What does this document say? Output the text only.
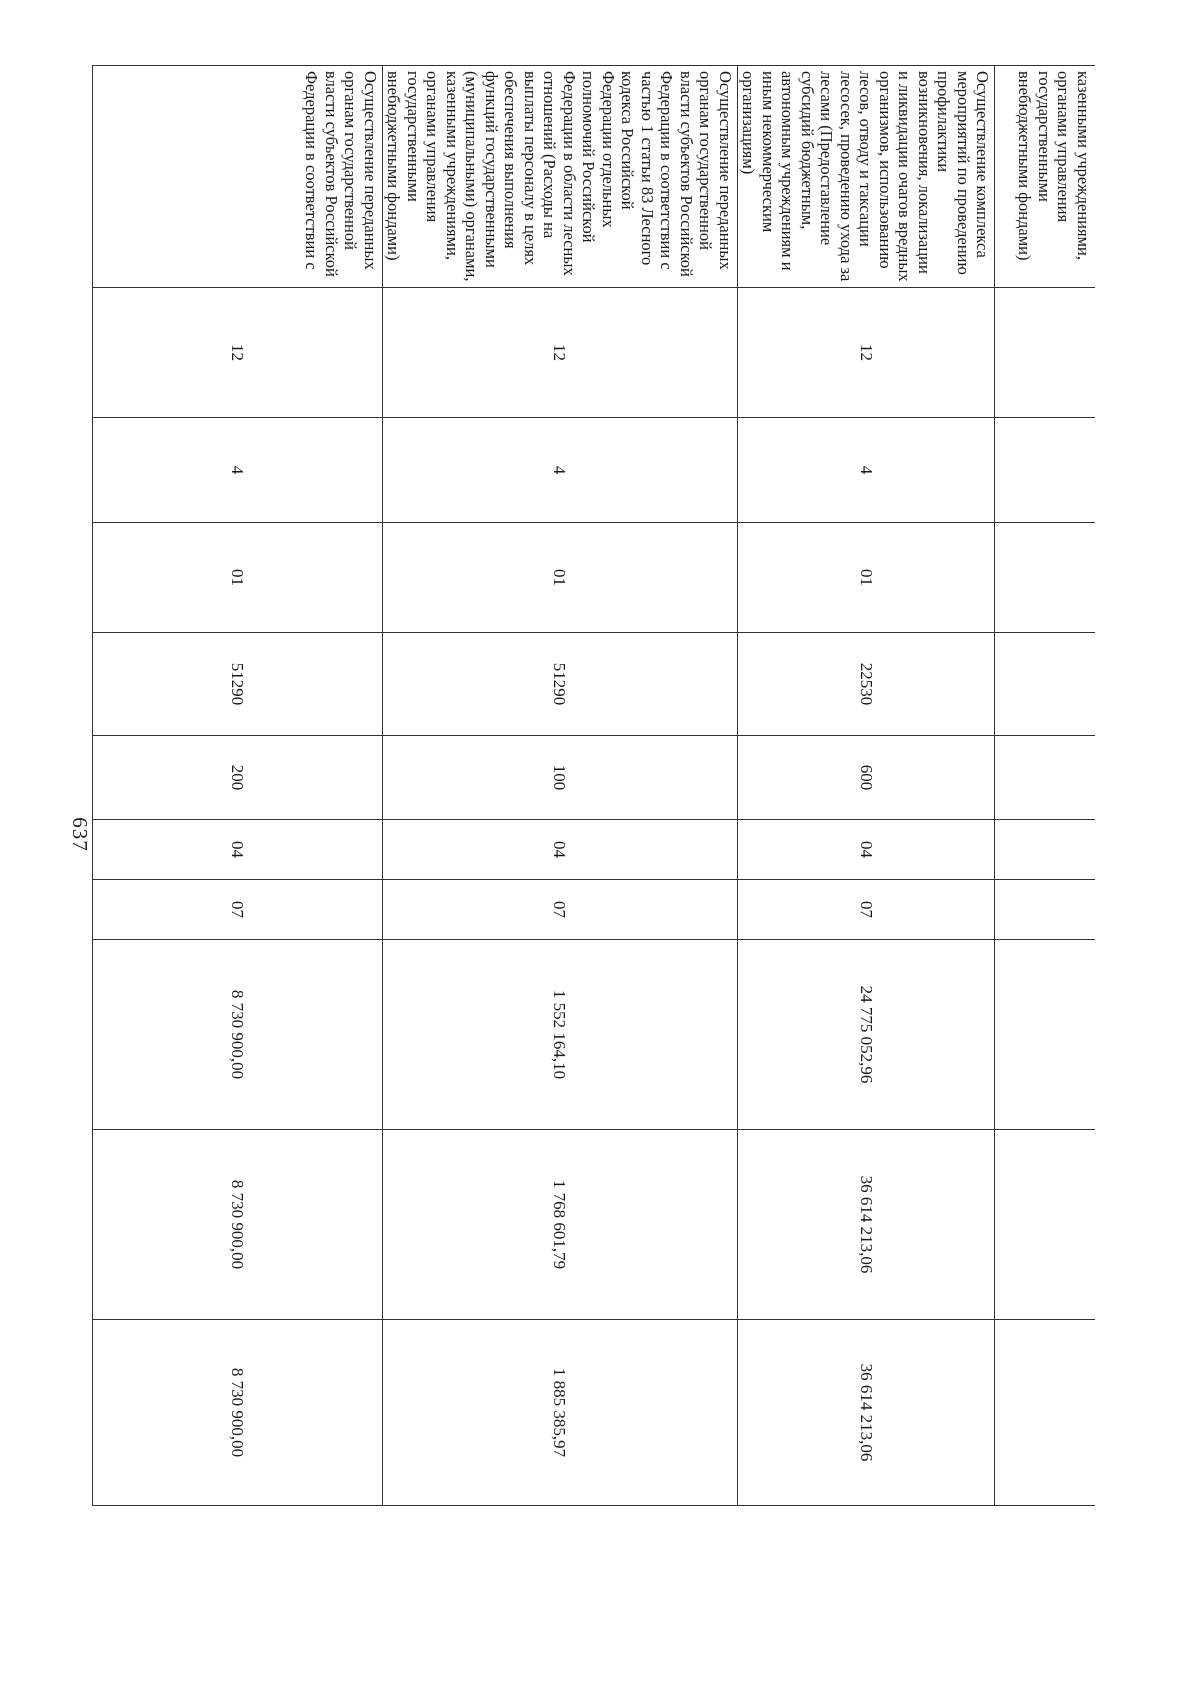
637
казенными учреждениями, органами управления государственными внебюджетными фондами)										
Осуществление комплекса мероприятий по проведению профилактики возникновения, локализации и ликвидации очагов вредных организмов, использованию лесов, отводу и таксации лесосек, проведению ухода за лесами (Предоставление субсидий бюджетным, автономным учреждениям и иным некоммерческим организациям)	12	4	01	22530	600	04	07	24 775 052,96	36 614 213,06	36 614 213,06
Осуществление переданных органам государственной власти субъектов Российской Федерации в соответствии с частью 1 статьи 83 Лесного кодекса Российской Федерации отдельных полномочий Российской Федерации в области лесных отношений (Расходы на выплаты персоналу в целях обеспечения выполнения функций государственными (муниципальными) органами, казенными учреждениями, органами управления государственными внебюджетными фондами)	12	4	01	51290	100	04	07	1 552 164,10	1 768 601,79	1 885 385,97
Осуществление переданных органам государственной власти субъектов Российской Федерации в соответствии с	12	4	01	51290	200	04	07	8 730 900,00	8 730 900,00	8 730 900,00
